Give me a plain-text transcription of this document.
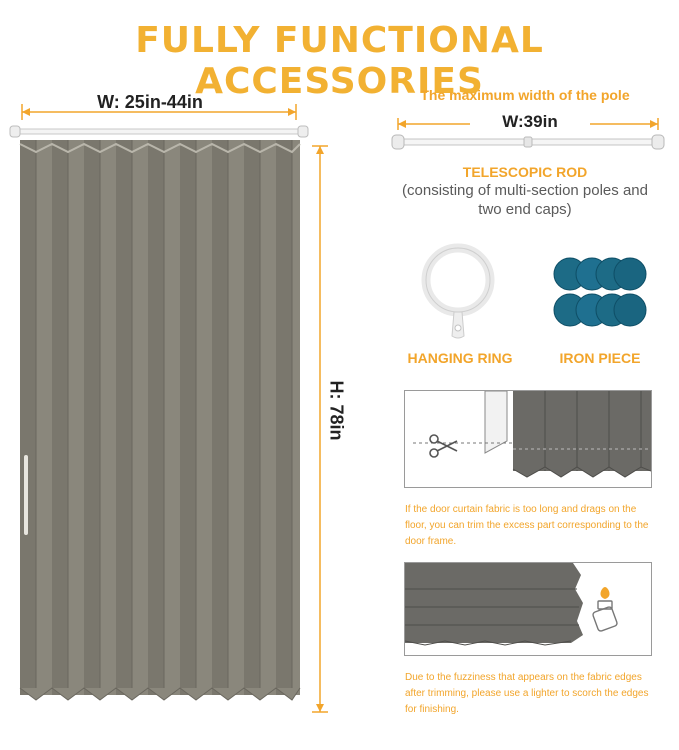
FULLY FUNCTIONAL ACCESSORIES
W: 25in-44in
H: 78in
The maximum width of the pole
W:39in
TELESCOPIC ROD
(consisting of multi-section poles and two end caps)
HANGING RING	IRON PIECE
If the door curtain fabric is too long and drags on the floor, you can trim the excess part corresponding to the door frame.
Due to the fuzziness that appears on the fabric edges after trimming, please use a lighter to scorch the edges for finishing.
